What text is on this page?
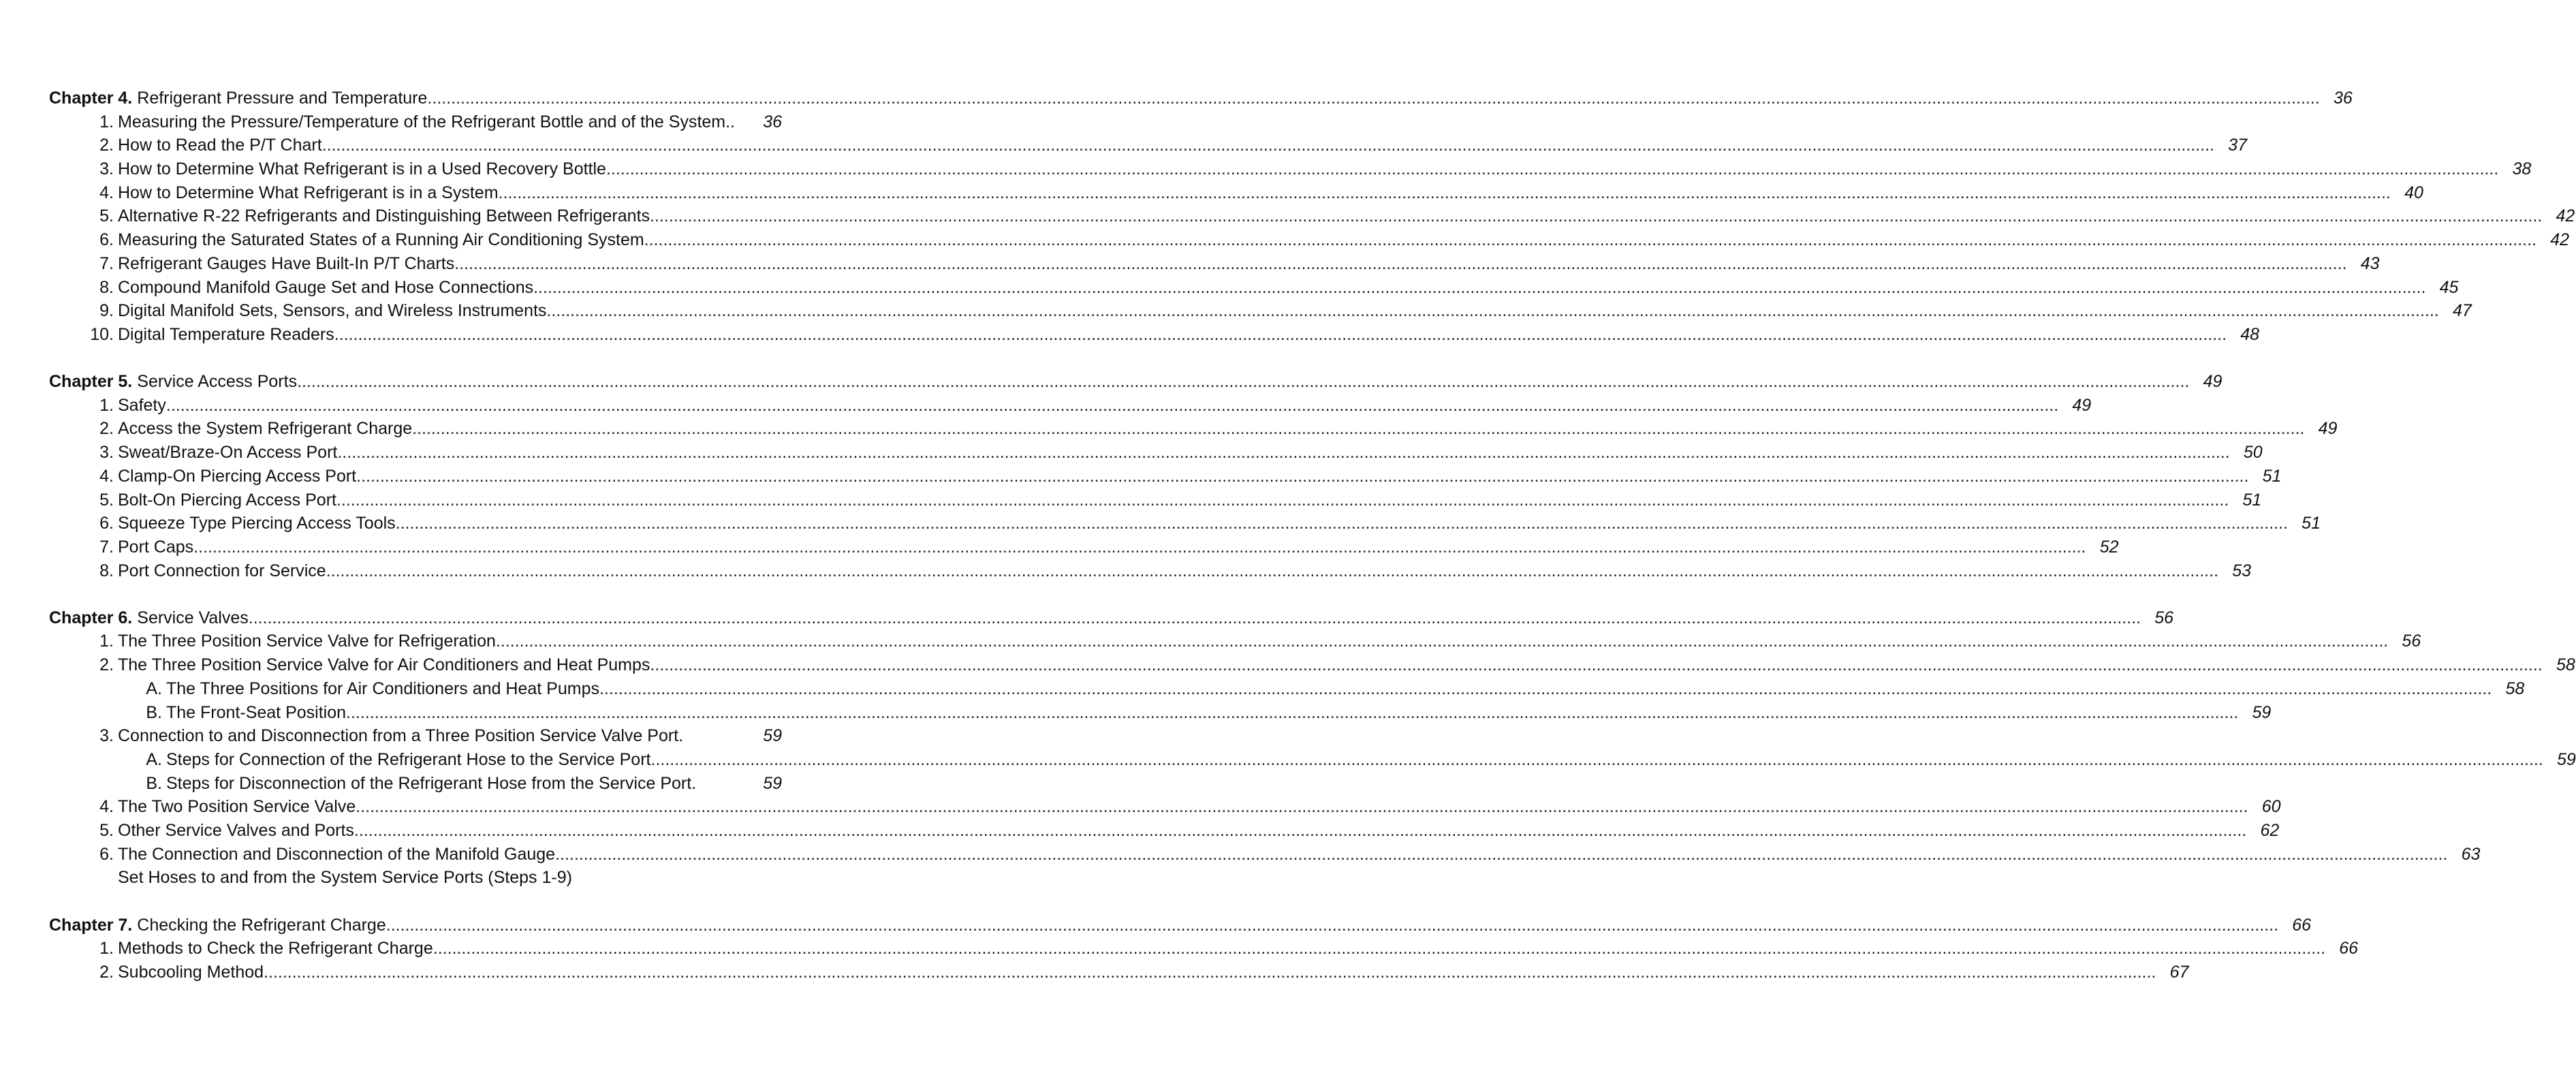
Chapter 4. Refrigerant Pressure and Temperature ................................................................................................................................................................................................................................................................................................................................................................................................................ 36
1. Measuring the Pressure/Temperature of the Refrigerant Bottle and of the System..	36
2. How to Read the P/T Chart ................................................................................................................................................................................................................................................................................................................................................................................................................ 37
3. How to Determine What Refrigerant is in a Used Recovery Bottle ................................................................................................................................................................................................................................................................................................................................................................................................................ 38
4. How to Determine What Refrigerant is in a System ................................................................................................................................................................................................................................................................................................................................................................................................................ 40
5. Alternative R-22 Refrigerants and Distinguishing Between Refrigerants ................................................................................................................................................................................................................................................................................................................................................................................................................ 42
6. Measuring the Saturated States of a Running Air Conditioning System ................................................................................................................................................................................................................................................................................................................................................................................................................ 42
7. Refrigerant Gauges Have Built-In P/T Charts ................................................................................................................................................................................................................................................................................................................................................................................................................ 43
8. Compound Manifold Gauge Set and Hose Connections ................................................................................................................................................................................................................................................................................................................................................................................................................ 45
9. Digital Manifold Sets, Sensors, and Wireless Instruments ................................................................................................................................................................................................................................................................................................................................................................................................................ 47
10. Digital Temperature Readers ................................................................................................................................................................................................................................................................................................................................................................................................................ 48
Chapter 5. Service Access Ports ................................................................................................................................................................................................................................................................................................................................................................................................................ 49
1. Safety ................................................................................................................................................................................................................................................................................................................................................................................................................ 49
2. Access the System Refrigerant Charge ................................................................................................................................................................................................................................................................................................................................................................................................................ 49
3. Sweat/Braze-On Access Port ................................................................................................................................................................................................................................................................................................................................................................................................................ 50
4. Clamp-On Piercing Access Port ................................................................................................................................................................................................................................................................................................................................................................................................................ 51
5. Bolt-On Piercing Access Port ................................................................................................................................................................................................................................................................................................................................................................................................................ 51
6. Squeeze Type Piercing Access Tools ................................................................................................................................................................................................................................................................................................................................................................................................................ 51
7. Port Caps ................................................................................................................................................................................................................................................................................................................................................................................................................ 52
8. Port Connection for Service ................................................................................................................................................................................................................................................................................................................................................................................................................ 53
Chapter 6. Service Valves ................................................................................................................................................................................................................................................................................................................................................................................................................ 56
1. The Three Position Service Valve for Refrigeration ................................................................................................................................................................................................................................................................................................................................................................................................................ 56
2. The Three Position Service Valve for Air Conditioners and Heat Pumps ................................................................................................................................................................................................................................................................................................................................................................................................................ 58
A. The Three Positions for Air Conditioners and Heat Pumps ................................................................................................................................................................................................................................................................................................................................................................................................................ 58
B. The Front-Seat Position ................................................................................................................................................................................................................................................................................................................................................................................................................ 59
3. Connection to and Disconnection from a Three Position Service Valve Port.	59
A. Steps for Connection of the Refrigerant Hose to the Service Port ................................................................................................................................................................................................................................................................................................................................................................................................................ 59
B. Steps for Disconnection of the Refrigerant Hose from the Service Port.	59
4. The Two Position Service Valve ................................................................................................................................................................................................................................................................................................................................................................................................................ 60
5. Other Service Valves and Ports ................................................................................................................................................................................................................................................................................................................................................................................................................ 62
6. The Connection and Disconnection of the Manifold Gauge ................................................................................................................................................................................................................................................................................................................................................................................................................ 63
Set Hoses to and from the System Service Ports (Steps 1-9)
Chapter 7. Checking the Refrigerant Charge ................................................................................................................................................................................................................................................................................................................................................................................................................ 66
1. Methods to Check the Refrigerant Charge ................................................................................................................................................................................................................................................................................................................................................................................................................ 66
2. Subcooling Method ................................................................................................................................................................................................................................................................................................................................................................................................................ 67
